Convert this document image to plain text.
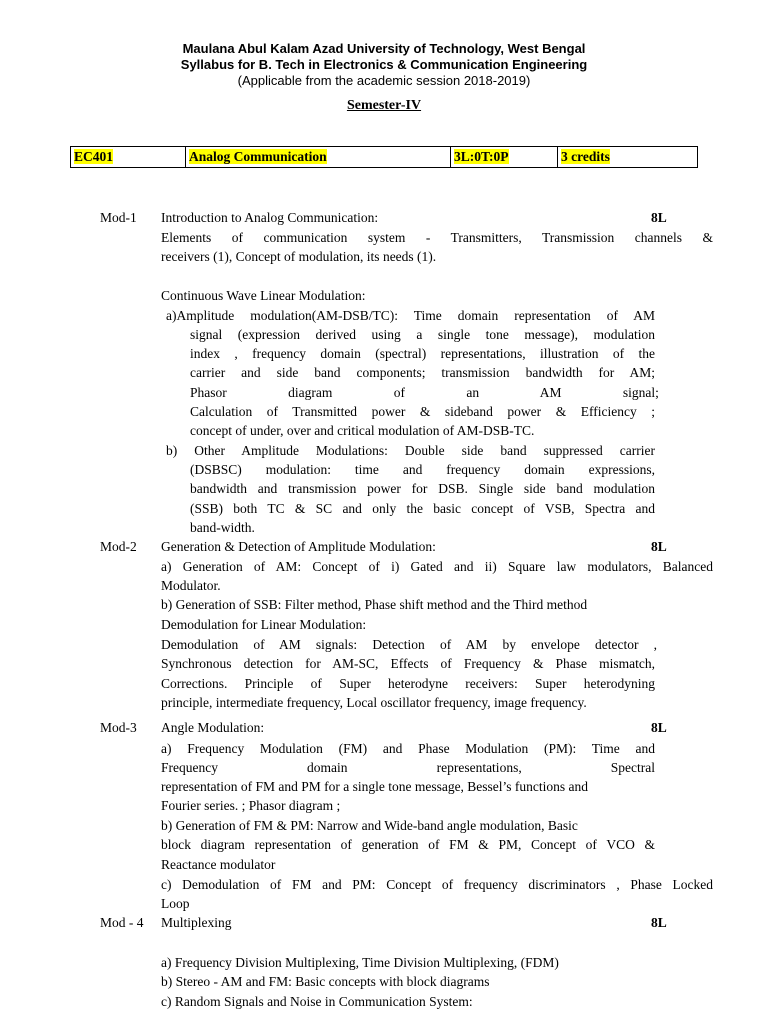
Maulana Abul Kalam Azad University of Technology, West Bengal
Syllabus for B. Tech in Electronics & Communication Engineering
(Applicable from the academic session 2018-2019)
Semester-IV
EC401	Analog Communication	3L:0T:0P	3 credits
Mod-1 Introduction to Analog Communication:	8L
Elements of communication system - Transmitters, Transmission channels &
receivers (1), Concept of modulation, its needs (1).
Continuous Wave Linear Modulation:
a)Amplitude modulation(AM-DSB/TC): Time domain representation of AM
signal (expression derived using a single tone message), modulation
index , frequency domain (spectral) representations, illustration of the
carrier and side band components; transmission bandwidth for AM;
Phasor diagram of an AM signal;
Calculation of Transmitted power & sideband power & Efficiency ;
concept of under, over and critical modulation of AM-DSB-TC.
b) Other Amplitude Modulations: Double side band suppressed carrier
(DSBSC) modulation: time and frequency domain expressions,
bandwidth and transmission power for DSB. Single side band modulation
(SSB) both TC & SC and only the basic concept of VSB, Spectra and
band-width.
Mod-2 Generation & Detection of Amplitude Modulation:	8L
a) Generation of AM: Concept of i) Gated and ii) Square law modulators, Balanced
Modulator.
b) Generation of SSB: Filter method, Phase shift method and the Third method
Demodulation for Linear Modulation:
Demodulation of AM signals: Detection of AM by envelope detector ,
Synchronous detection for AM-SC, Effects of Frequency & Phase mismatch,
Corrections. Principle of Super heterodyne receivers: Super heterodyning
principle, intermediate frequency, Local oscillator frequency, image frequency.
Mod-3 Angle Modulation:	8L
a) Frequency Modulation (FM) and Phase Modulation (PM): Time and
Frequency domain representations, Spectral
representation of FM and PM for a single tone message, Bessel’s functions and
Fourier series. ; Phasor diagram ;
b) Generation of FM & PM: Narrow and Wide-band angle modulation, Basic
block diagram representation of generation of FM & PM, Concept of VCO &
Reactance modulator
c) Demodulation of FM and PM: Concept of frequency discriminators , Phase Locked
Loop
Mod - 4 Multiplexing	8L
a) Frequency Division Multiplexing, Time Division Multiplexing, (FDM)
b) Stereo - AM and FM: Basic concepts with block diagrams
c) Random Signals and Noise in Communication System:
